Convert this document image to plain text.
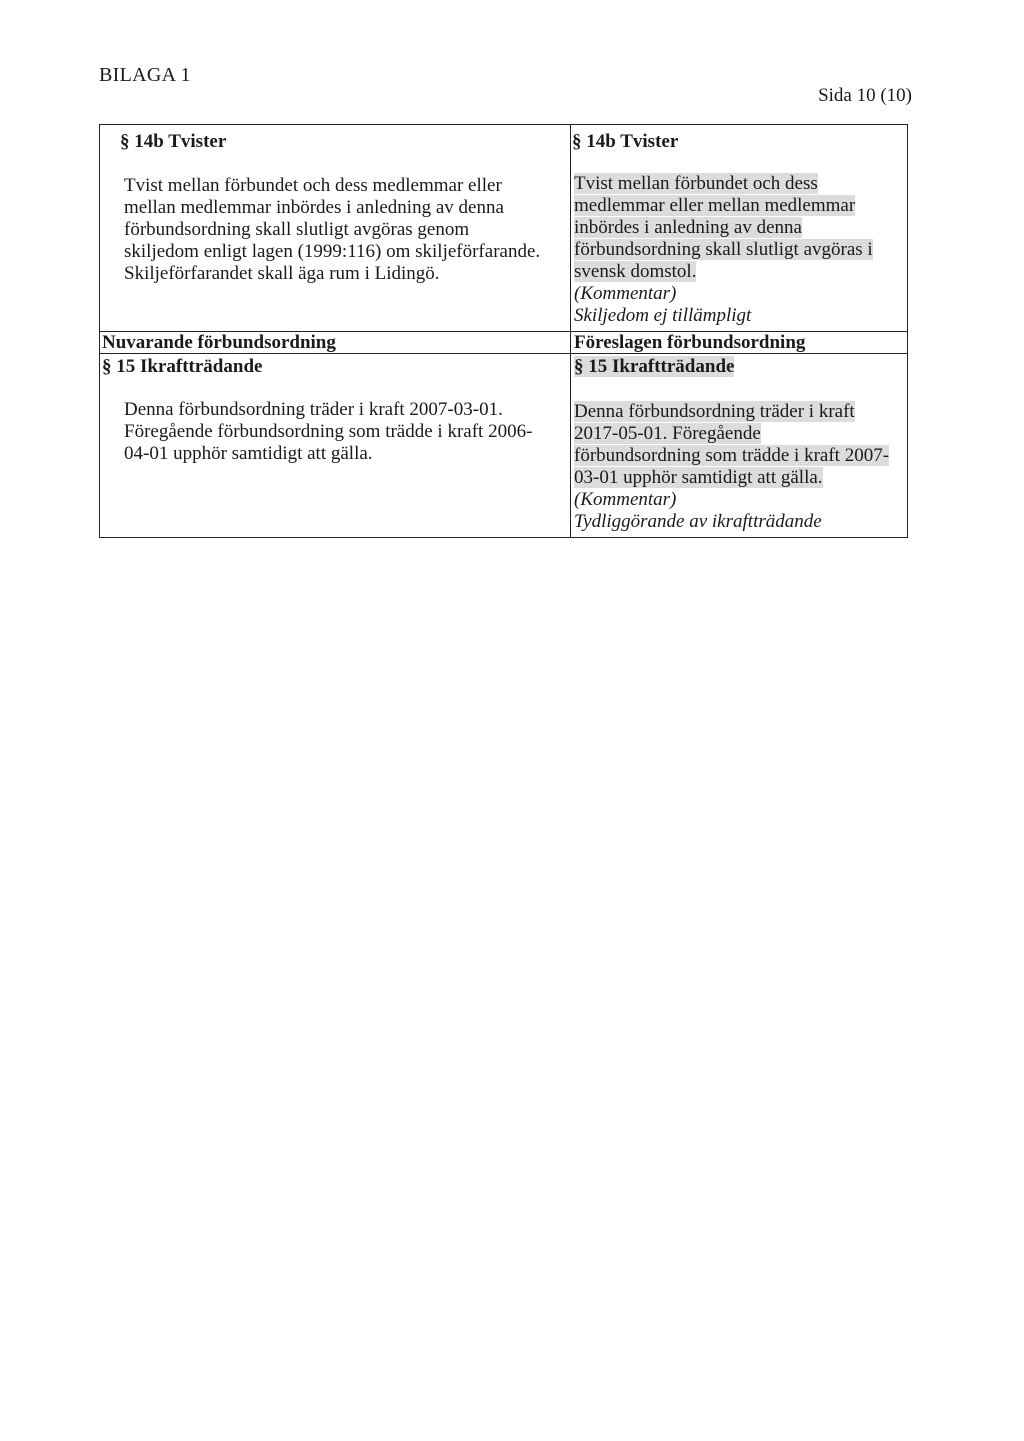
BILAGA 1
Sida 10 (10)
§ 14b Tvister
Tvist mellan förbundet och dess medlemmar eller
mellan medlemmar inbördes i anledning av denna
förbundsordning skall slutligt avgöras genom
skiljedom enligt lagen (1999:116) om skiljeförfarande.
Skiljeförfarandet skall äga rum i Lidingö.
Nuvarande förbundsordning
§ 15 Ikraftträdande
Denna förbundsordning träder i kraft 2007-03-01.
Föregående förbundsordning som trädde i kraft 2006-
04-01 upphör samtidigt att gälla.
§ 14b Tvister
Tvist mellan förbundet och dess
medlemmar eller mellan medlemmar
inbördes i anledning av denna
förbundsordning skall slutligt avgöras i
svensk domstol.
(Kommentar)
Skiljedom ej tillämpligt
Föreslagen förbundsordning
§ 15 Ikraftträdande
Denna förbundsordning träder i kraft
2017-05-01. Föregående
förbundsordning som trädde i kraft 2007-
03-01 upphör samtidigt att gälla.
(Kommentar)
Tydliggörande av ikraftträdande
